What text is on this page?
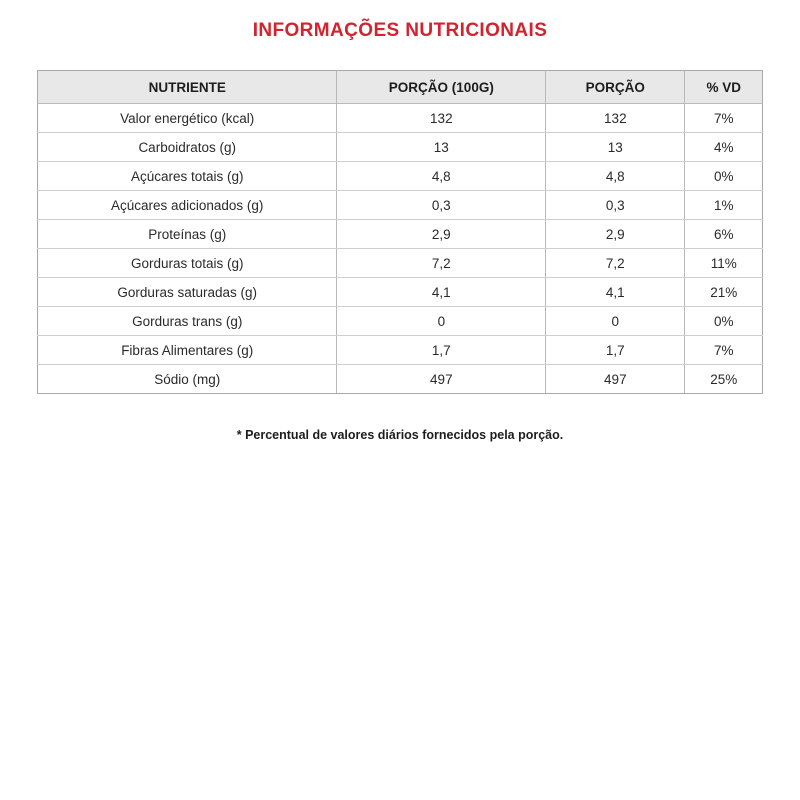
INFORMAÇÕES NUTRICIONAIS
NUTRIENTE	PORÇÃO (100G)	PORÇÃO	% VD
Valor energético (kcal)	132	132	7%
Carboidratos (g)	13	13	4%
Açúcares totais (g)	4,8	4,8	0%
Açúcares adicionados (g)	0,3	0,3	1%
Proteínas (g)	2,9	2,9	6%
Gorduras totais (g)	7,2	7,2	11%
Gorduras saturadas (g)	4,1	4,1	21%
Gorduras trans (g)	0	0	0%
Fibras Alimentares (g)	1,7	1,7	7%
Sódio (mg)	497	497	25%
* Percentual de valores diários fornecidos pela porção.
